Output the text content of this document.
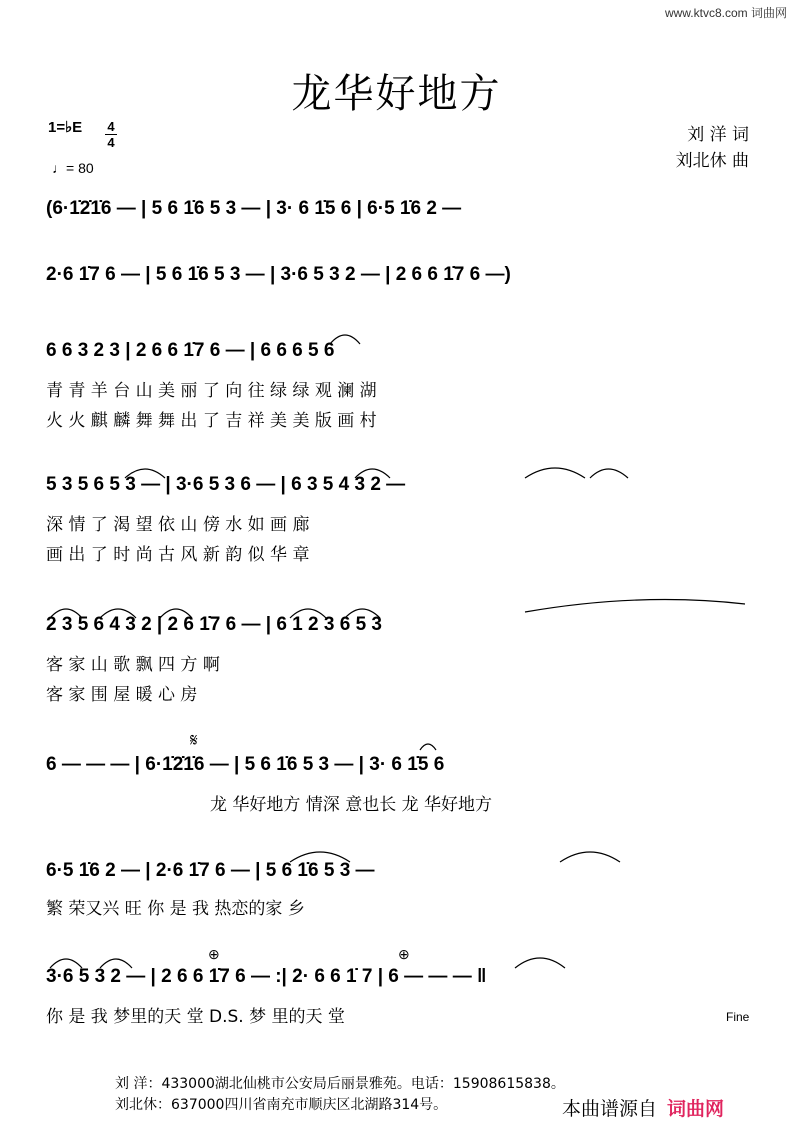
www.ktvc8.com 词曲网
龙华好地方
1=♭E 4
4
♩= 80
刘 洋 词
刘北休 曲
(6·1̇2̇1̇6 — | 5 6 1̇6 5 3 — | 3· 6 1̇5 6 | 6·5 1̇6 2 —
2·6 1̇7 6 — | 5 6 1̇6 5 3 — | 3·6 5 3 2 — | 2 6 6 1̇7 6 —)
6 6 3 2 3 | 2 6 6 1̇7 6 — | 6 6 6 5 6
青 青 羊 台 山 美 丽 了 向 往 绿 绿 观 澜 湖
火 火 麒 麟 舞 舞 出 了 吉 祥 美 美 版 画 村
5 3 5 6 5 3 — | 3·6 5 3 6 — | 6 3 5 4 3 2 —
深 情 了 渴 望 依 山 傍 水 如 画 廊
画 出 了 时 尚 古 风 新 韵 似 华 章
2 3 5 6 4 3 2 | 2 6 1̇7 6 — | 6 1 2 3 6 5 3
客 家 山 歌 飘 四 方 啊
客 家 围 屋 暖 心 房
𝄋
6 — — — | 6·1̇2̇1̇6 — | 5 6 1̇6 5 3 — | 3· 6 1̇5 6
龙 华好地方 情深 意也长 龙 华好地方
6·5 1̇6 2 — | 2·6 1̇7 6 — | 5 6 1̇6 5 3 —
繁 荣又兴 旺 你 是 我 热恋的家 乡
⊕	⊕
3·6 5 3 2 — | 2 6 6 1̇7 6 — :| 2· 6 6 1̇ 7 | 6 — — — ‖
你 是 我 梦里的天 堂 D.S. 梦 里的天 堂	Fine
刘 洋：433000湖北仙桃市公安局后丽景雅苑。电话：15908615838。
刘北休：637000四川省南充市顺庆区北湖路314号。	本曲谱源自 词曲网
